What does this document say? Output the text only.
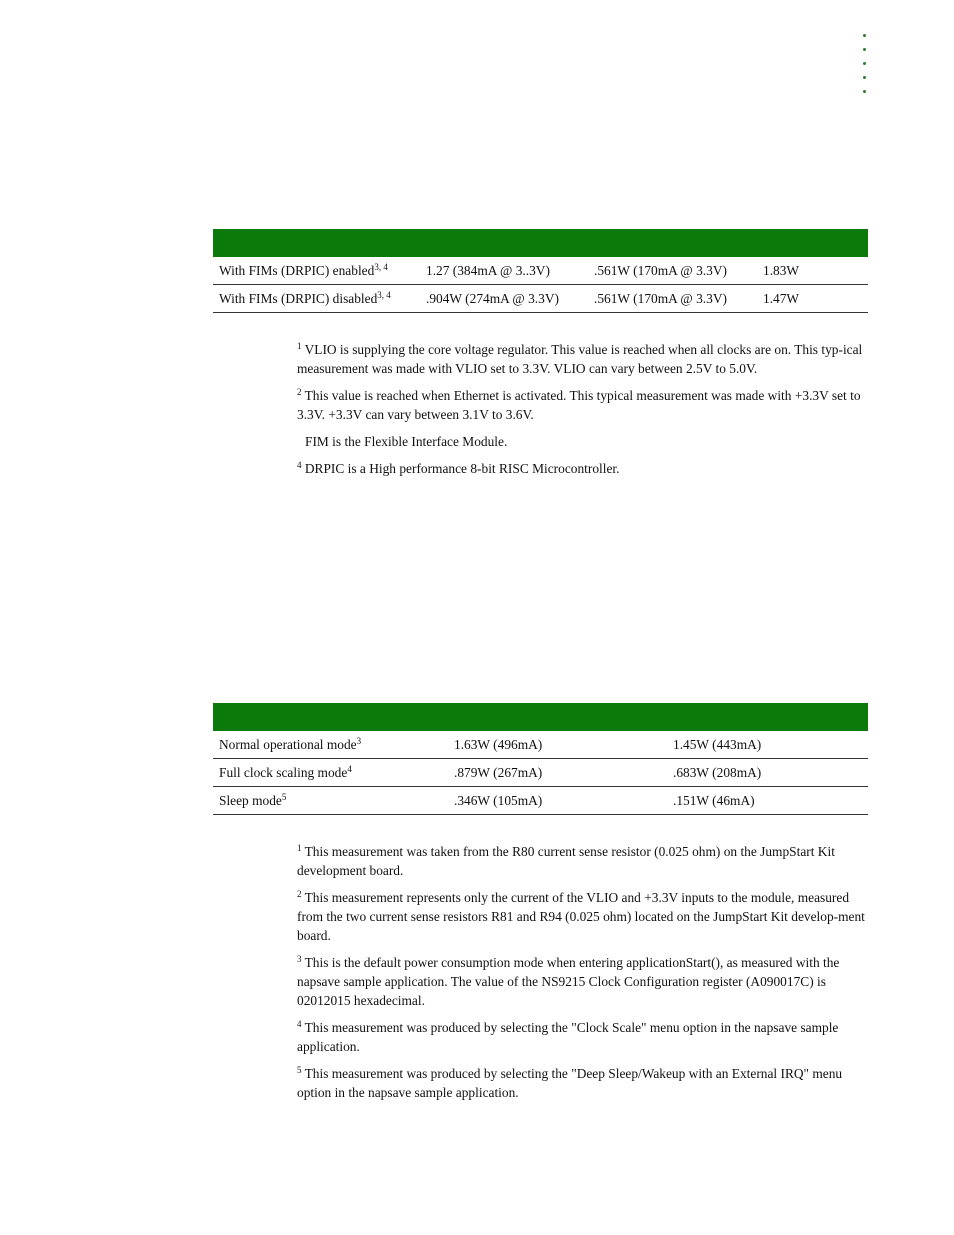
With FIMs (DRPIC) enabled$^{3, 4}$	1.27 (384mA @ 3..3V)	.561W (170mA @ 3.3V)	1.83W
With FIMs (DRPIC) disabled$^{3, 4}$	.904W (274mA @ 3.3V)	.561W (170mA @ 3.3V)	1.47W

$^1$ VLIO is supplying the core voltage regulator. This value is reached when all clocks are on. This typ-ical measurement was made with VLIO set to 3.3V. VLIO can vary between 2.5V to 5.0V.

$^2$ This value is reached when Ethernet is activated. This typical measurement was made with +3.3V set to 3.3V. +3.3V can vary between 3.1V to 3.6V.

FIM is the Flexible Interface Module.

$^4$ DRPIC is a High performance 8-bit RISC Microcontroller.

Normal operational mode$^3$	1.63W (496mA)	1.45W (443mA)
Full clock scaling mode$^4$	.879W (267mA)	.683W (208mA)
Sleep mode$^5$	.346W (105mA)	.151W (46mA)

$^1$ This measurement was taken from the R80 current sense resistor (0.025 ohm) on the JumpStart Kit development board.

$^2$ This measurement represents only the current of the VLIO and +3.3V inputs to the module, measured from the two current sense resistors R81 and R94 (0.025 ohm) located on the JumpStart Kit develop-ment board.

$^3$ This is the default power consumption mode when entering applicationStart(), as measured with the napsave sample application. The value of the NS9215 Clock Configuration register (A090017C) is 02012015 hexadecimal.

$^4$ This measurement was produced by selecting the "Clock Scale" menu option in the napsave sample application.

$^5$ This measurement was produced by selecting the "Deep Sleep/Wakeup with an External IRQ" menu option in the napsave sample application.
